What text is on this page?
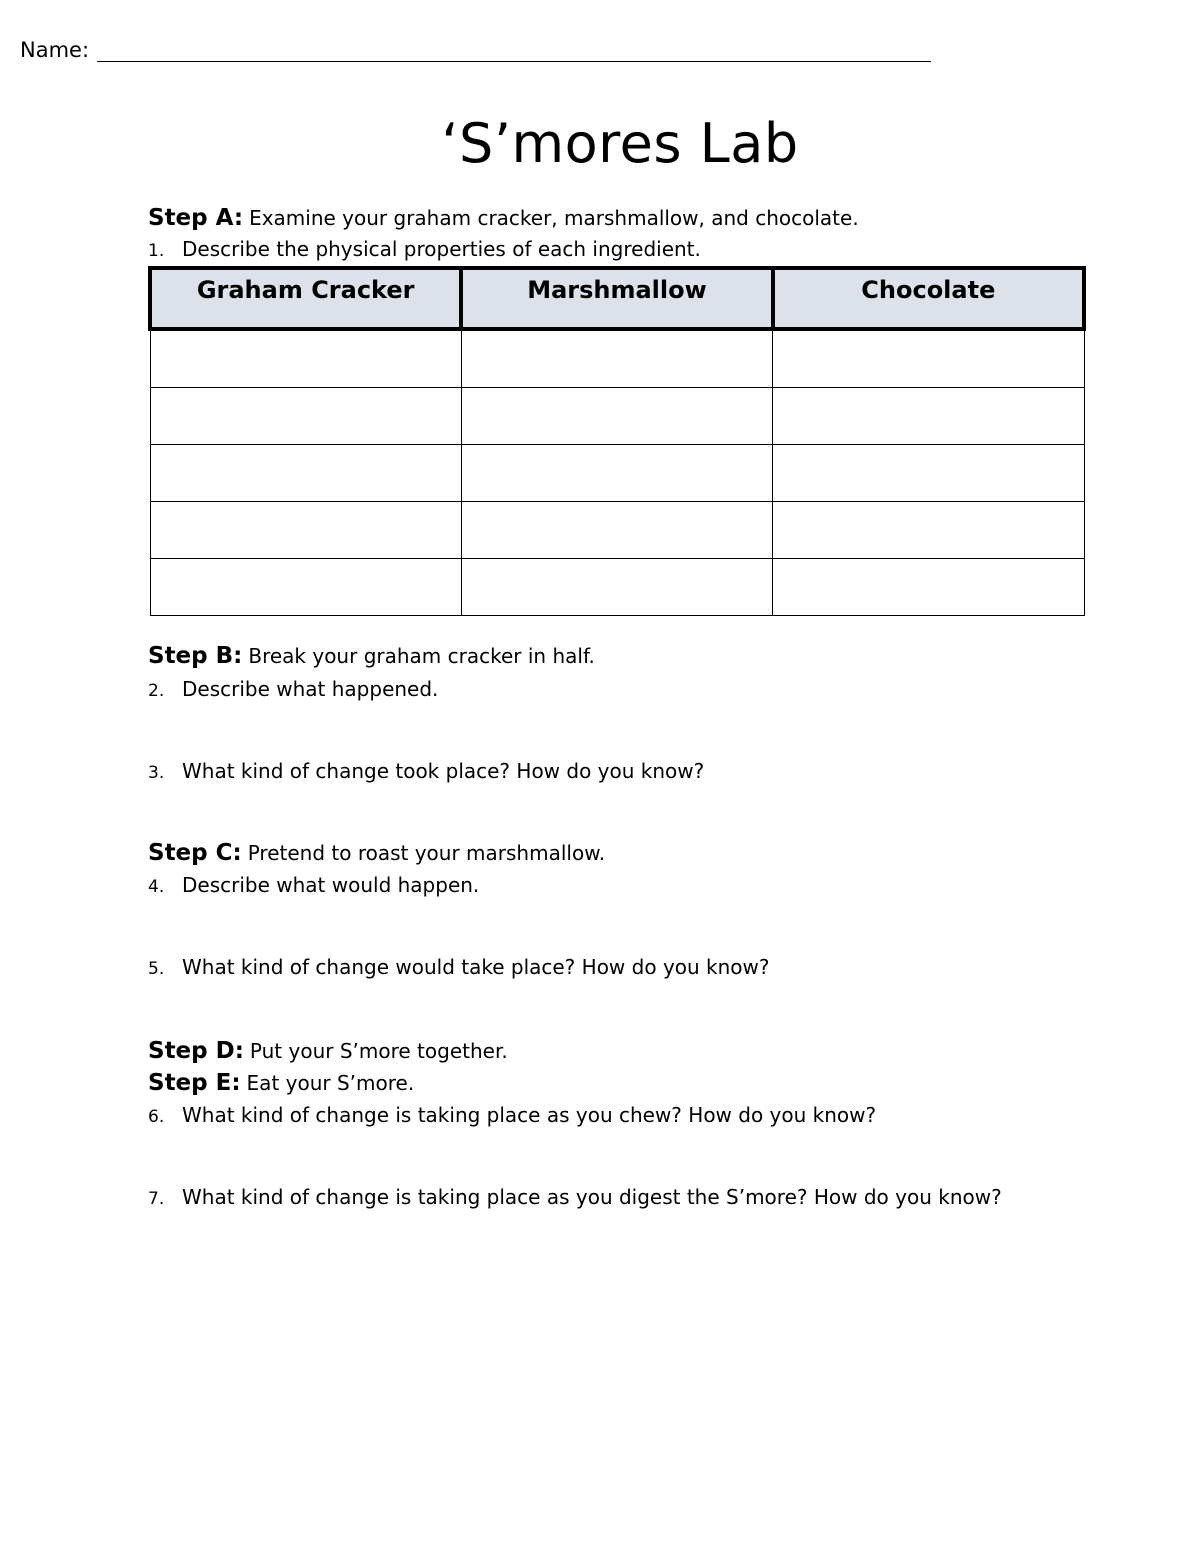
Name:
‘S’mores Lab
Step A: Examine your graham cracker, marshmallow, and chocolate.
1. Describe the physical properties of each ingredient.
Graham Cracker	Marshmallow	Chocolate

Step B: Break your graham cracker in half.
2. Describe what happened.
3. What kind of change took place? How do you know?
Step C: Pretend to roast your marshmallow.
4. Describe what would happen.
5. What kind of change would take place? How do you know?
Step D: Put your S’more together.
Step E: Eat your S’more.
6. What kind of change is taking place as you chew? How do you know?
7. What kind of change is taking place as you digest the S’more? How do you know?
